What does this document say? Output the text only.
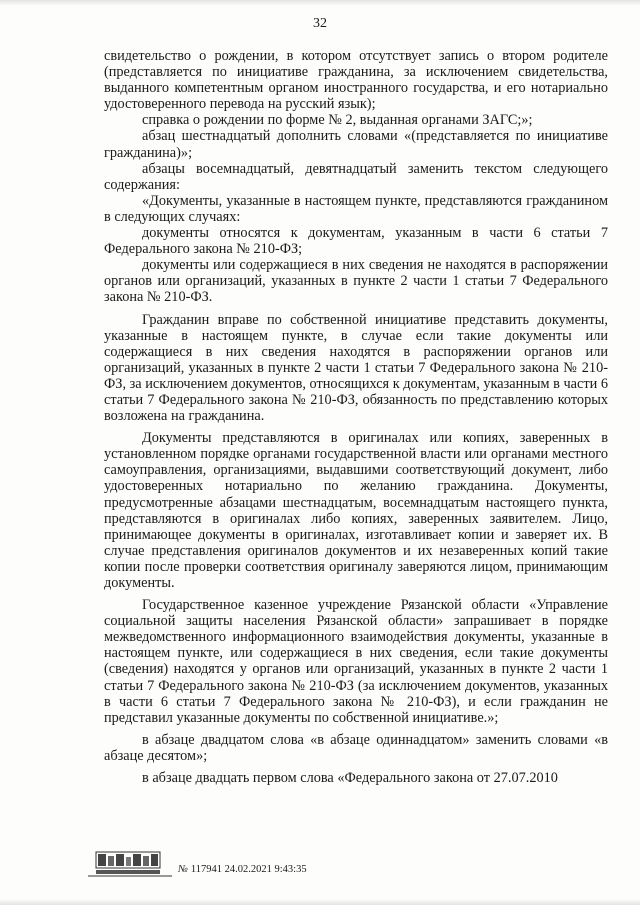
32

свидетельство о рождении, в котором отсутствует запись о втором родителе (представляется по инициативе гражданина, за исключением свидетельства, выданного компетентным органом иностранного государства, и его нотариально удостоверенного перевода на русский язык);

справка о рождении по форме № 2, выданная органами ЗАГС;»;

абзац шестнадцатый дополнить словами «(представляется по инициативе гражданина)»;

абзацы восемнадцатый, девятнадцатый заменить текстом следующего содержания:

«Документы, указанные в настоящем пункте, представляются гражданином в следующих случаях:

документы относятся к документам, указанным в части 6 статьи 7 Федерального закона № 210-ФЗ;

документы или содержащиеся в них сведения не находятся в распоряжении органов или организаций, указанных в пункте 2 части 1 статьи 7 Федерального закона № 210-ФЗ.

Гражданин вправе по собственной инициативе представить документы, указанные в настоящем пункте, в случае если такие документы или содержащиеся в них сведения находятся в распоряжении органов или организаций, указанных в пункте 2 части 1 статьи 7 Федерального закона № 210-ФЗ, за исключением документов, относящихся к документам, указанным в части 6 статьи 7 Федерального закона № 210-ФЗ, обязанность по представлению которых возложена на гражданина.

Документы представляются в оригиналах или копиях, заверенных в установленном порядке органами государственной власти или органами местного самоуправления, организациями, выдавшими соответствующий документ, либо удостоверенных нотариально по желанию гражданина. Документы, предусмотренные абзацами шестнадцатым, восемнадцатым настоящего пункта, представляются в оригиналах либо копиях, заверенных заявителем. Лицо, принимающее документы в оригиналах, изготавливает копии и заверяет их. В случае представления оригиналов документов и их незаверенных копий такие копии после проверки соответствия оригиналу заверяются лицом, принимающим документы.

Государственное казенное учреждение Рязанской области «Управление социальной защиты населения Рязанской области» запрашивает в порядке межведомственного информационного взаимодействия документы, указанные в настоящем пункте, или содержащиеся в них сведения, если такие документы (сведения) находятся у органов или организаций, указанных в пункте 2 части 1 статьи 7 Федерального закона № 210-ФЗ (за исключением документов, указанных в части 6 статьи 7 Федерального закона № 210-ФЗ), и если гражданин не представил указанные документы по собственной инициативе.»;

в абзаце двадцатом слова «в абзаце одиннадцатом» заменить словами «в абзаце десятом»;

в абзаце двадцать первом слова «Федерального закона от 27.07.2010

№ 117941 24.02.2021 9:43:35
